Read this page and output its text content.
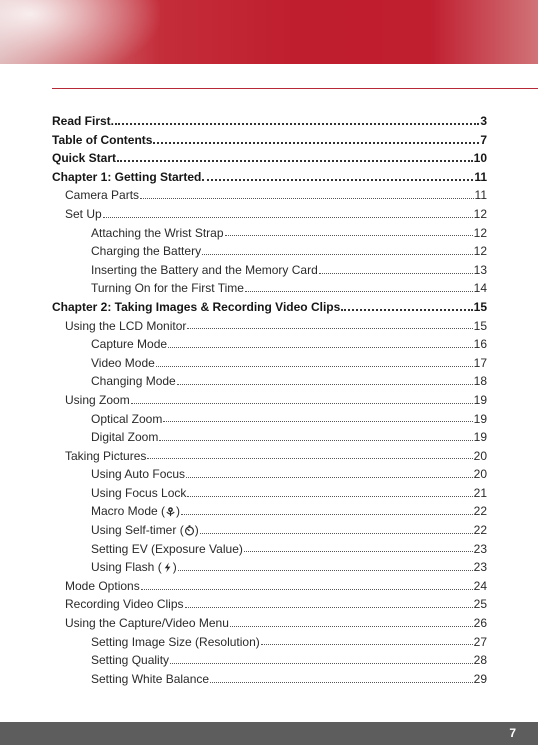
Read First.	3
Table of Contents	7
Quick Start	10
Chapter 1: Getting Started	11
Camera Parts	11
Set Up	12
Attaching the Wrist Strap	12
Charging the Battery	12
Inserting the Battery and the Memory Card	13
Turning On for the First Time	14
Chapter 2: Taking Images & Recording Video Clips	15
Using the LCD Monitor	15
Capture Mode	16
Video Mode	17
Changing Mode	18
Using Zoom	19
Optical Zoom	19
Digital Zoom	19
Taking Pictures	20
Using Auto Focus	20
Using Focus Lock	21
Macro Mode ( )	22
Using Self-timer ( )	22
Setting EV (Exposure Value)	23
Using Flash ( )	23
Mode Options	24
Recording Video Clips	25
Using the Capture/Video Menu	26
Setting Image Size (Resolution)	27
Setting Quality	28
Setting White Balance	29
7
